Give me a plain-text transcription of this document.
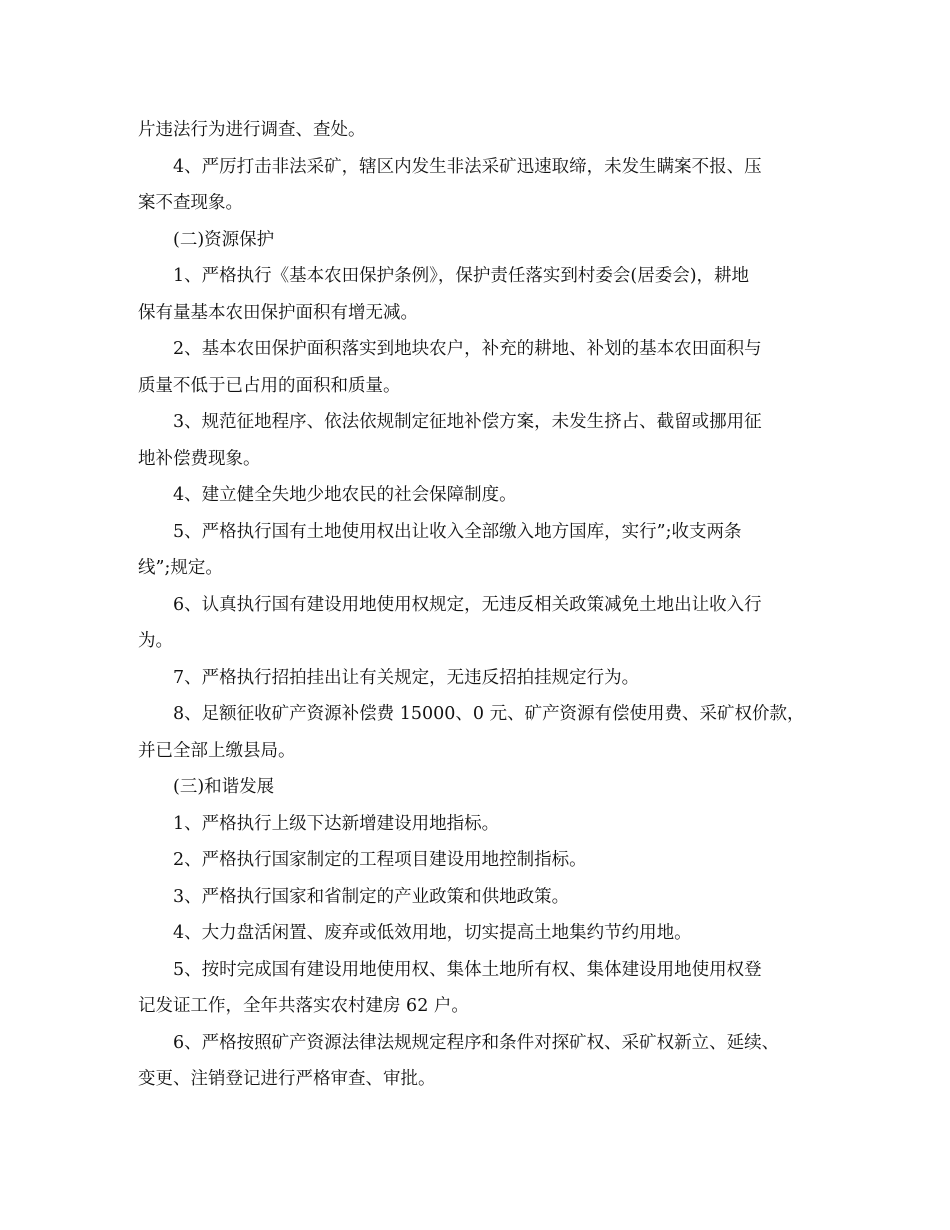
片违法行为进行调查、查处。
4、严厉打击非法采矿，辖区内发生非法采矿迅速取缔，未发生瞒案不报、压
案不查现象。
(二)资源保护
1、严格执行《基本农田保护条例》，保护责任落实到村委会(居委会)，耕地
保有量基本农田保护面积有增无减。
2、基本农田保护面积落实到地块农户，补充的耕地、补划的基本农田面积与
质量不低于已占用的面积和质量。
3、规范征地程序、依法依规制定征地补偿方案，未发生挤占、截留或挪用征
地补偿费现象。
4、建立健全失地少地农民的社会保障制度。
5、严格执行国有土地使用权出让收入全部缴入地方国库，实行”;收支两条
线”;规定。
6、认真执行国有建设用地使用权规定，无违反相关政策减免土地出让收入行
为。
7、严格执行招拍挂出让有关规定，无违反招拍挂规定行为。
8、足额征收矿产资源补偿费 15000、0 元、矿产资源有偿使用费、采矿权价款，
并已全部上缴县局。
(三)和谐发展
1、严格执行上级下达新增建设用地指标。
2、严格执行国家制定的工程项目建设用地控制指标。
3、严格执行国家和省制定的产业政策和供地政策。
4、大力盘活闲置、废弃或低效用地，切实提高土地集约节约用地。
5、按时完成国有建设用地使用权、集体土地所有权、集体建设用地使用权登
记发证工作，全年共落实农村建房 62 户。
6、严格按照矿产资源法律法规规定程序和条件对探矿权、采矿权新立、延续、
变更、注销登记进行严格审查、审批。
